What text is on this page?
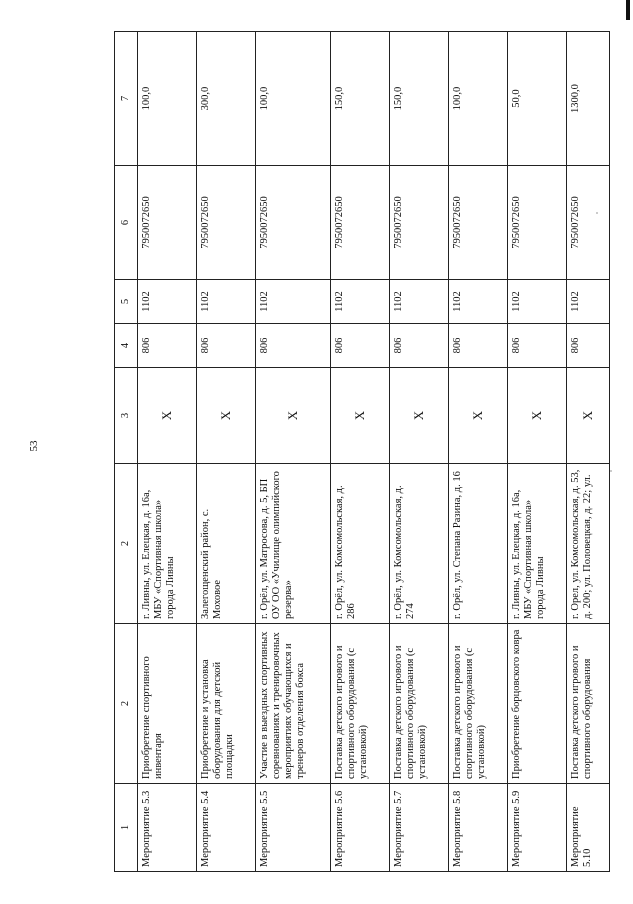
53
1	2	2	3	4	5	6	7
Мероприятие 5.3	Приобретение спортивного инвентаря	г. Ливны, ул. Елецкая, д. 16а, МБУ «Спортивная школа» города Ливны	X	806	1102	7950072650	100,0
Мероприятие 5.4	Приобретение и установка оборудования для детской площадки	Залегощенский район, с. Моховое	X	806	1102	7950072650	300,0
Мероприятие 5.5	Участие в выездных спортивных соревнованиях и тренировочных мероприятиях обучающихся и тренеров отделения бокса	г. Орёл, ул. Матросова, д. 5, БП ОУ ОО «Училище олимпийского резерва»	X	806	1102	7950072650	100,0
Мероприятие 5.6	Поставка детского игрового и спортивного оборудования (с установкой)	г. Орёл, ул. Комсомольская, д. 286	X	806	1102	7950072650	150,0
Мероприятие 5.7	Поставка детского игрового и спортивного оборудования (с установкой)	г. Орёл, ул. Комсомольская, д. 274	X	806	1102	7950072650	150,0
Мероприятие 5.8	Поставка детского игрового и спортивного оборудования (с установкой)	г. Орёл, ул. Степана Разина, д. 16	X	806	1102	7950072650	100,0
Мероприятие 5.9	Приобретение борцовского ковра	г. Ливны, ул. Елецкая, д. 16а, МБУ «Спортивная школа» города Ливны	X	806	1102	7950072650	50,0
Мероприятие 5.10	Поставка детского игрового и спортивного оборудования	г. Орел, ул. Комсомольская, д. 53, д. 200; ул. Половецкая, д. 22; ул.	X	806	1102	7950072650	1300,0
